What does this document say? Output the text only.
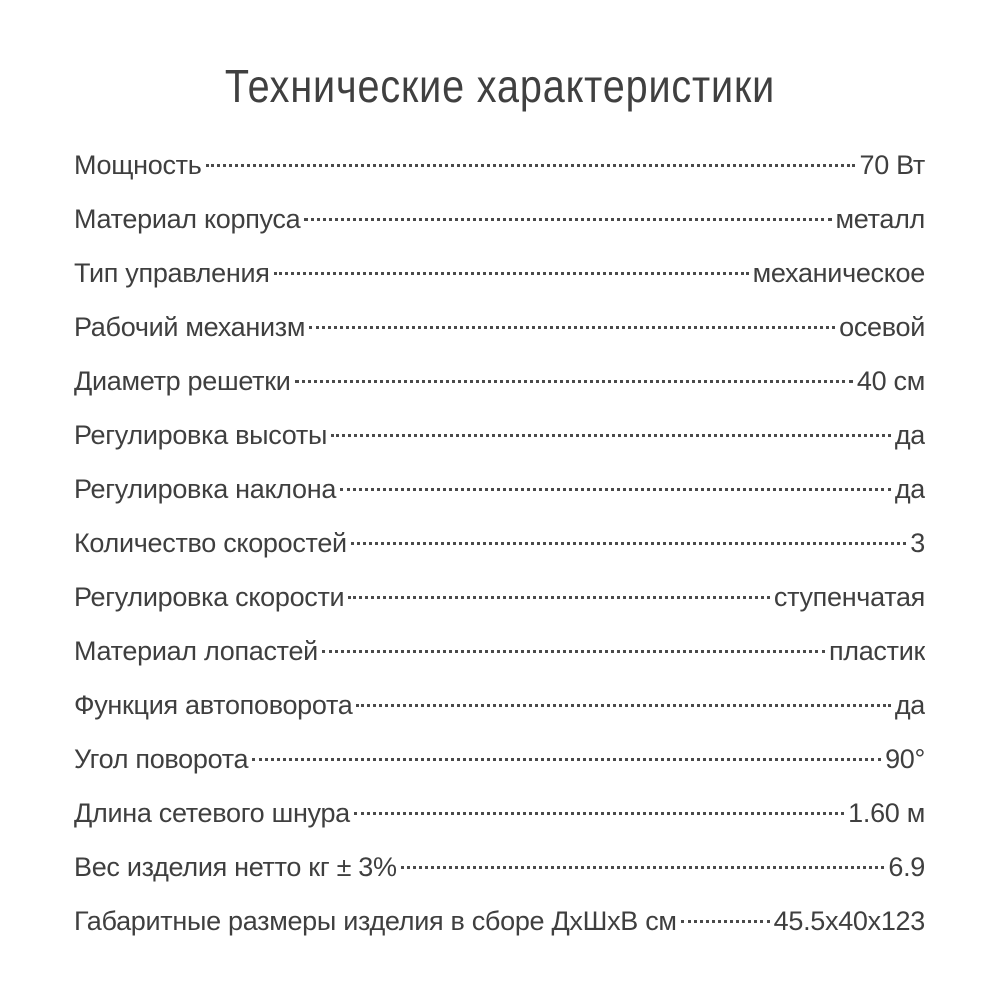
Технические характеристики
Мощность	70 Вт
Материал корпуса	металл
Тип управления	механическое
Рабочий механизм	осевой
Диаметр решетки	40 см
Регулировка высоты	да
Регулировка наклона	да
Количество скоростей	3
Регулировка скорости	ступенчатая
Материал лопастей	пластик
Функция автоповорота	да
Угол поворота	90°
Длина сетевого шнура	1.60 м
Вес изделия нетто кг ± 3%	6.9
Габаритные размеры изделия в сборе ДхШхВ см	45.5x40x123
